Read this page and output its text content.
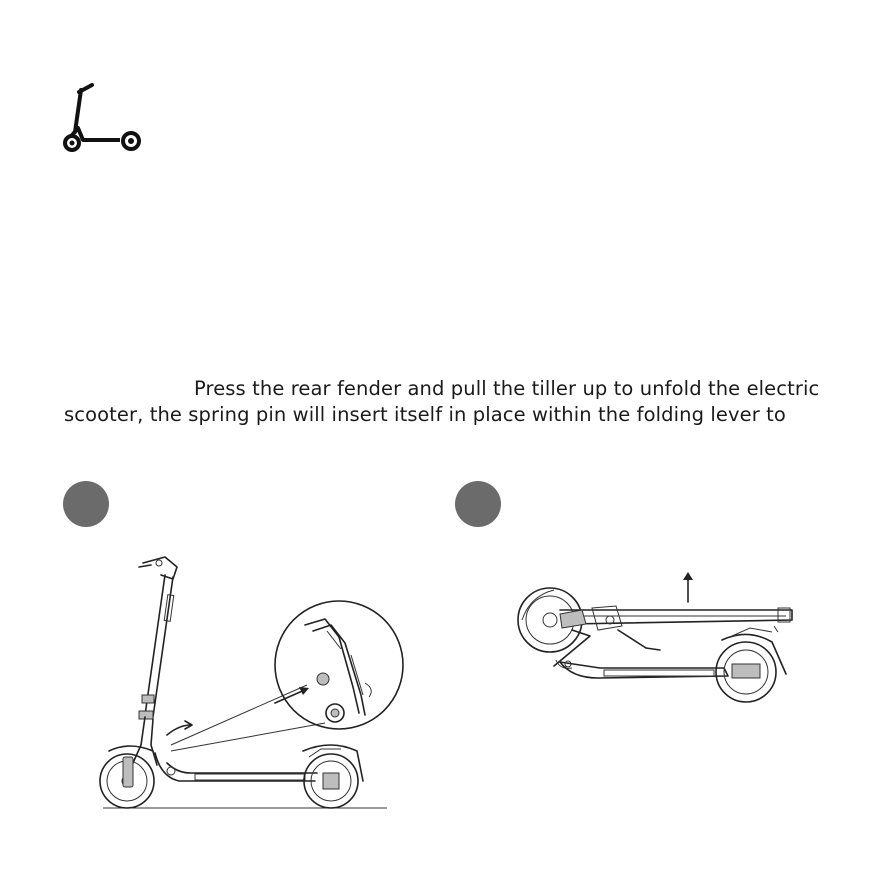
Press the rear fender and pull the tiller up to unfold the electric
scooter, the spring pin will insert itself in place within the folding lever to
